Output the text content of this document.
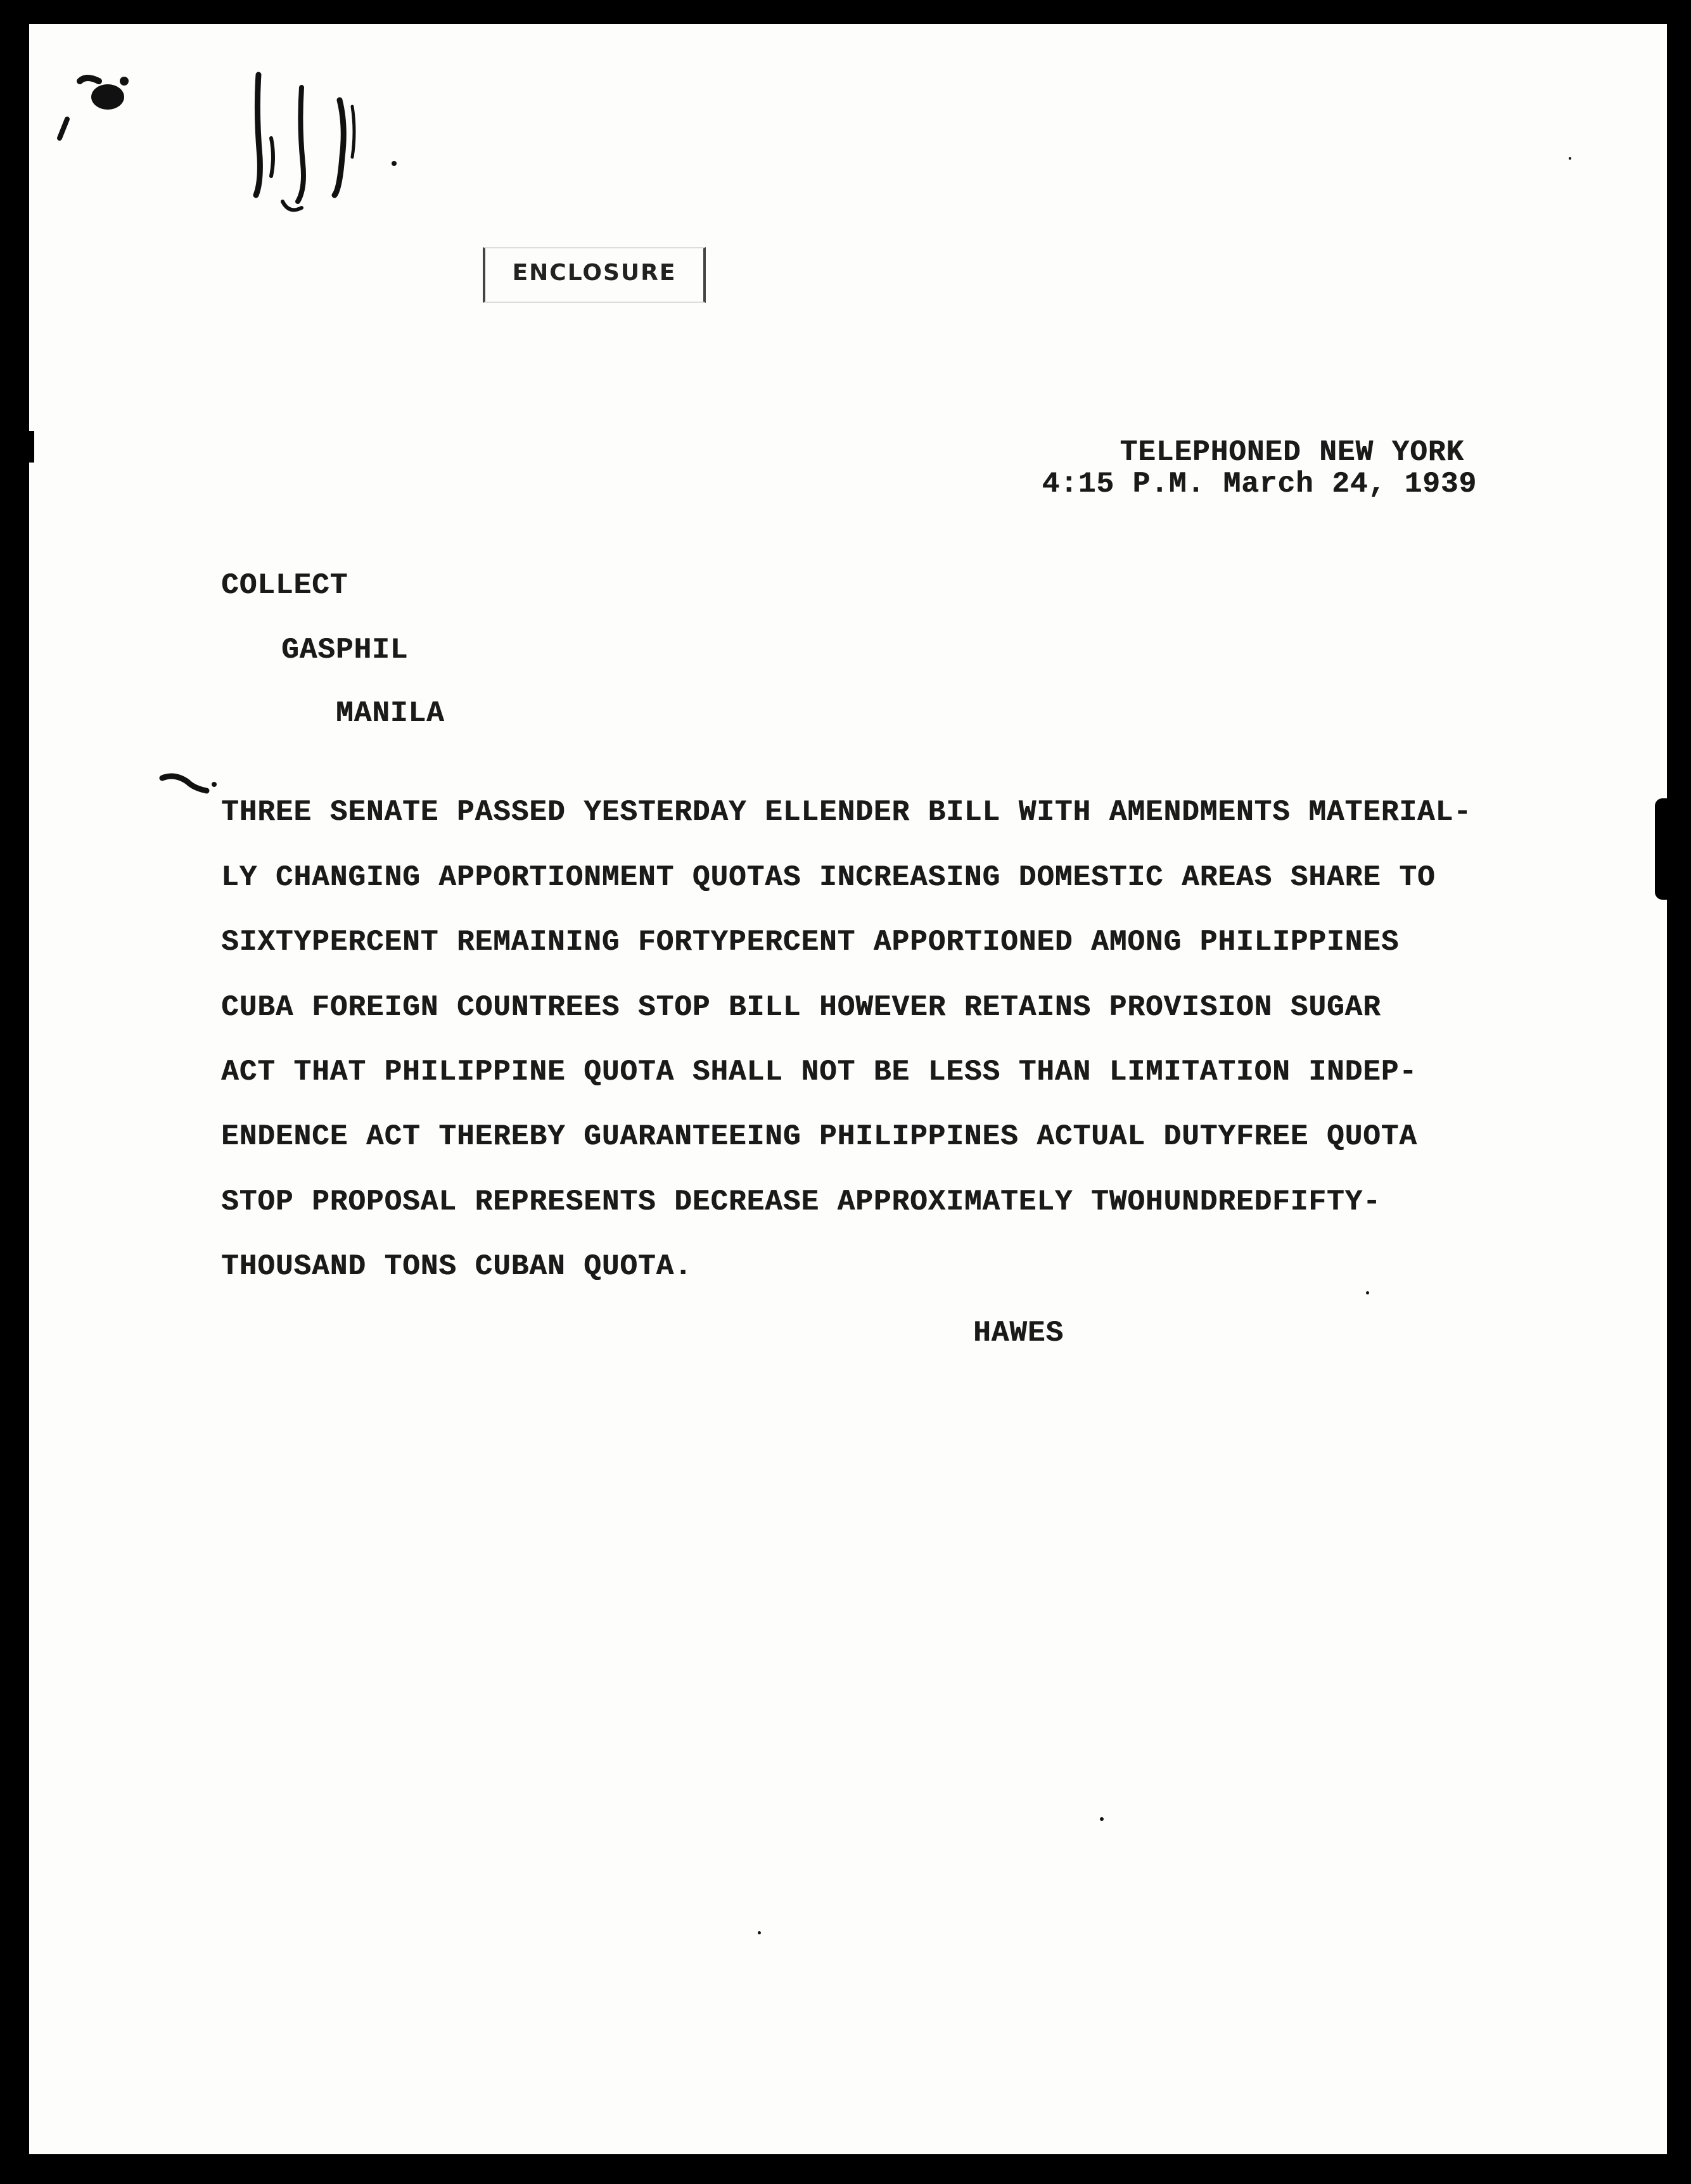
ENCLOSURE
TELEPHONED NEW YORK
4:15 P.M. March 24, 1939
COLLECT
GASPHIL
MANILA
THREE SENATE PASSED YESTERDAY ELLENDER BILL WITH AMENDMENTS MATERIAL-
LY CHANGING APPORTIONMENT QUOTAS INCREASING DOMESTIC AREAS SHARE TO
SIXTYPERCENT REMAINING FORTYPERCENT APPORTIONED AMONG PHILIPPINES
CUBA FOREIGN COUNTREES STOP BILL HOWEVER RETAINS PROVISION SUGAR
ACT THAT PHILIPPINE QUOTA SHALL NOT BE LESS THAN LIMITATION INDEP-
ENDENCE ACT THEREBY GUARANTEEING PHILIPPINES ACTUAL DUTYFREE QUOTA
STOP PROPOSAL REPRESENTS DECREASE APPROXIMATELY TWOHUNDREDFIFTY-
THOUSAND TONS CUBAN QUOTA.
HAWES
